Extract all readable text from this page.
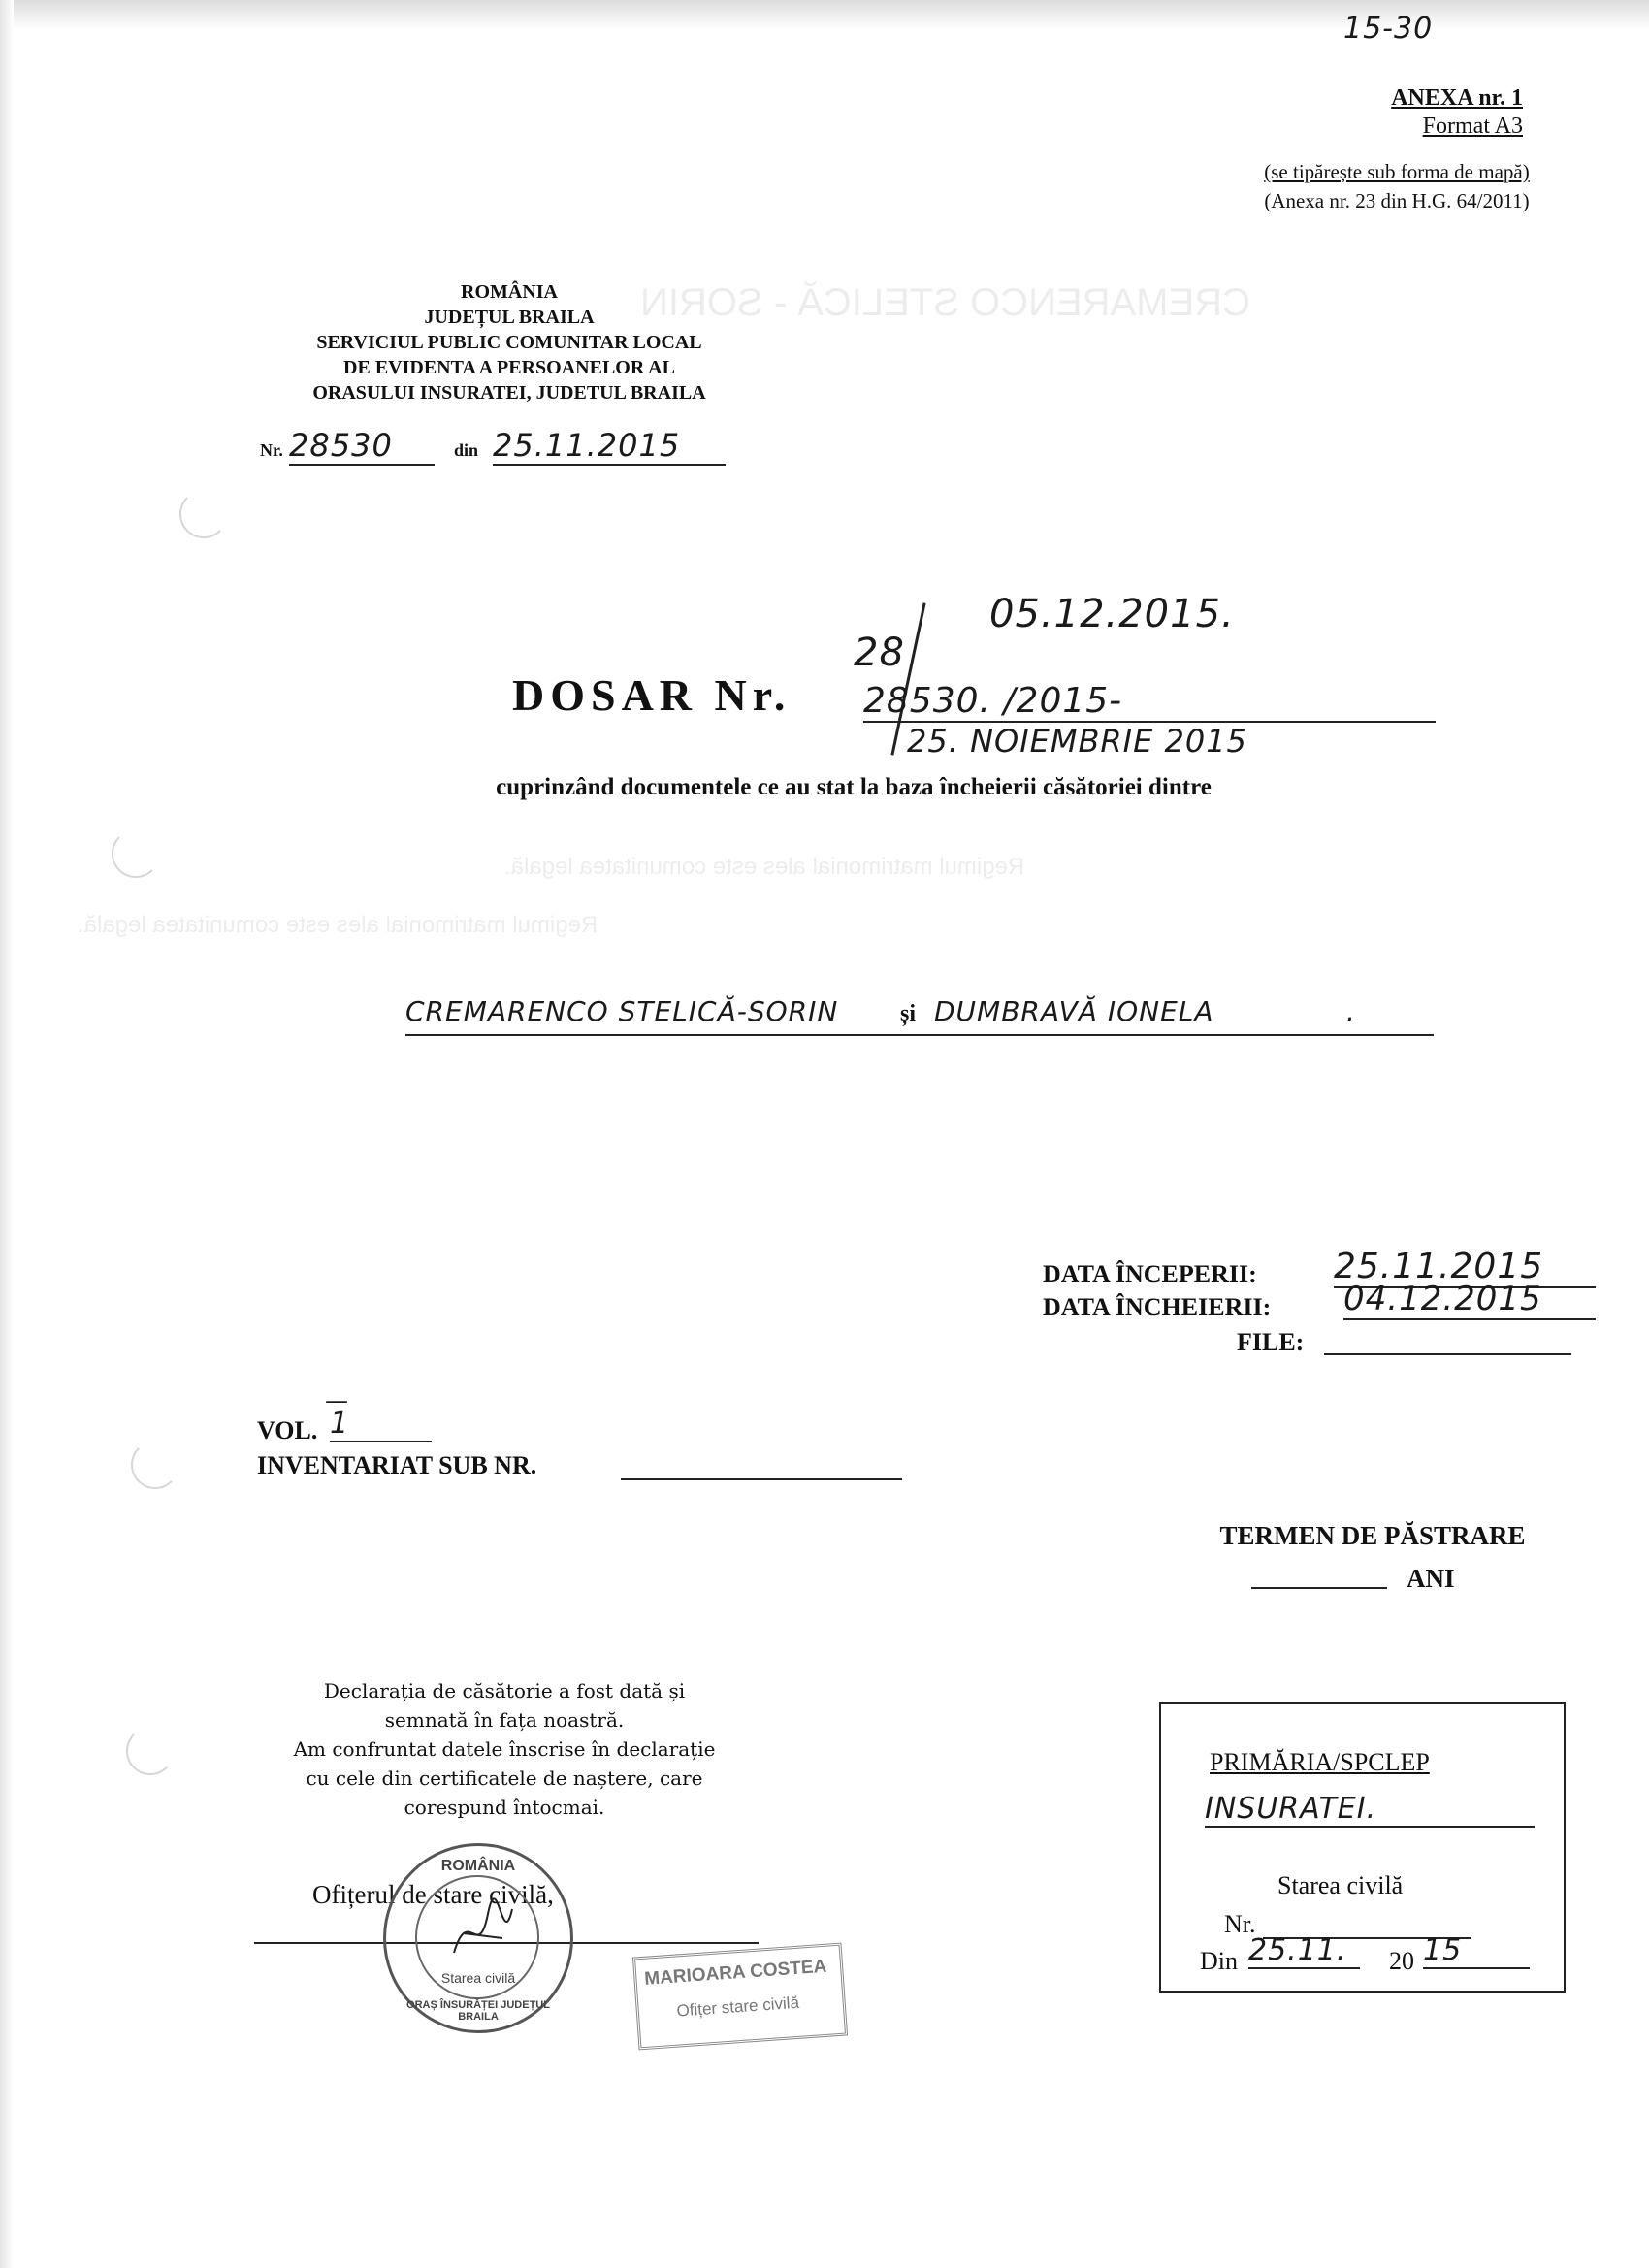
CREMARENCO STELICĂ - SORIN
Regimul matrimonial ales este comunitatea legală.
Regimul matrimonial ales este comunitatea legală.
15-30
ANEXA nr. 1
Format A3
(se tipărește sub forma de mapă)
(Anexa nr. 23 din H.G. 64/2011)
ROMÂNIA
JUDEȚUL BRAILA
SERVICIUL PUBLIC COMUNITAR LOCAL
DE EVIDENTA A PERSOANELOR AL
ORASULUI INSURATEI, JUDETUL BRAILA
Nr. 28530	din 25.11.2015
28
05.12.2015.
DOSAR Nr. 28530. /2015-
25. NOIEMBRIE 2015
cuprinzând documentele ce au stat la baza încheierii căsătoriei dintre
CREMARENCO STELICĂ-SORIN	și DUMBRAVĂ IONELA	.
DATA ÎNCEPERII: 25.11.2015
DATA ÎNCHEIERII: 04.12.2015
FILE:
—
VOL. 1
INVENTARIAT SUB NR.
TERMEN DE PĂSTRARE
ANI
Declarația de căsătorie a fost dată și
semnată în fața noastră.
Am confruntat datele înscrise în declarație
cu cele din certificatele de naștere, care
corespund întocmai.
Ofițerul de stare civilă,
ROMÂNIA
Starea civilă
ORAȘ ÎNSURĂȚEI JUDEȚUL BRAILA
MARIOARA COSTEA
Ofițer stare civilă
PRIMĂRIA/SPCLEP
INSURATEI.
Starea civilă
Nr.
Din 25.11.	20 15
